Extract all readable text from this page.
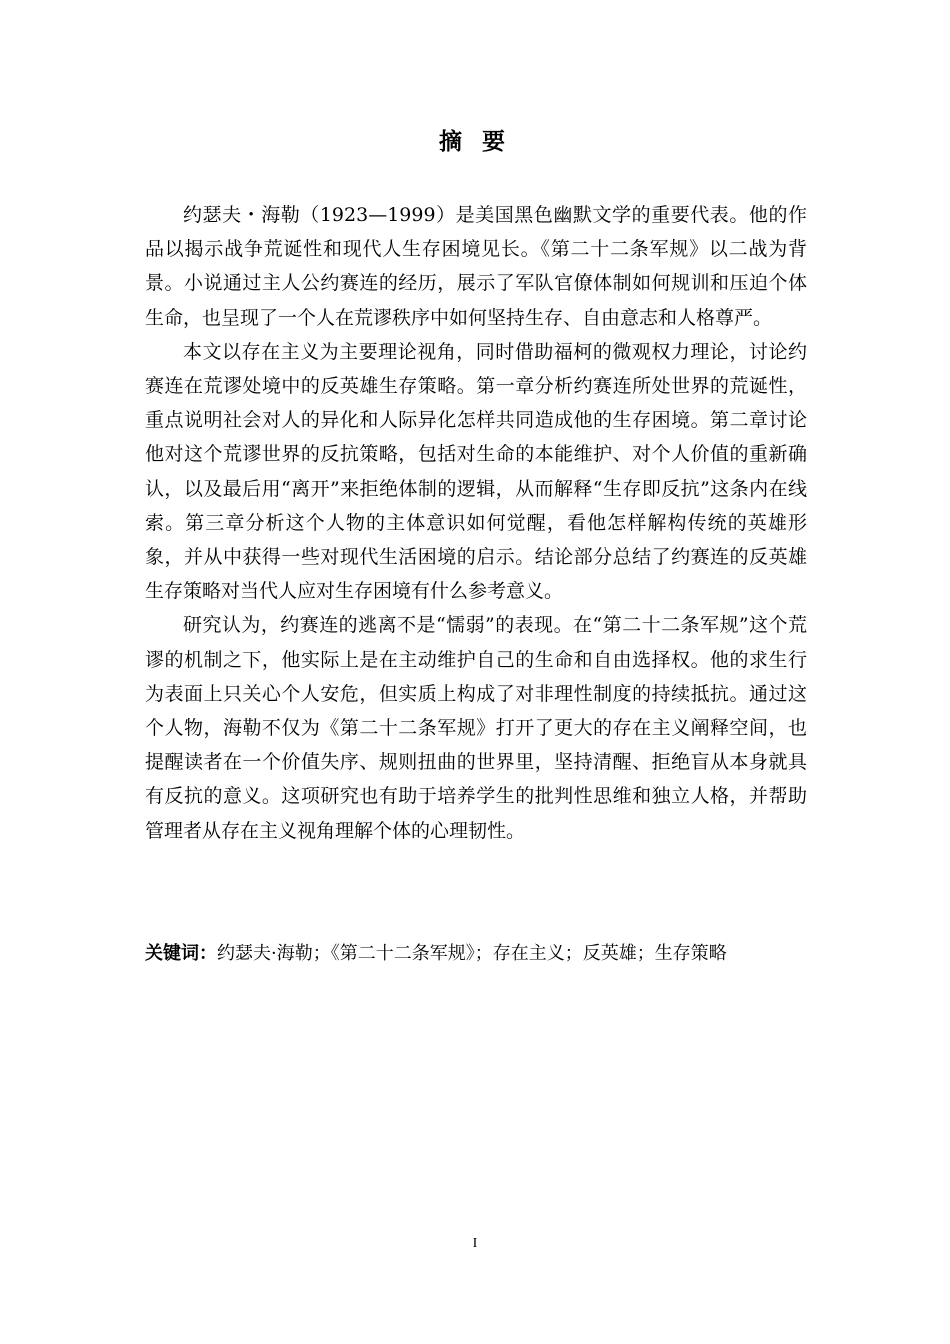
摘 要

约瑟夫・海勒（1923—1999）是美国黑色幽默文学的重要代表。他的作品以揭示战争荒诞性和现代人生存困境见长。《第二十二条军规》以二战为背景。小说通过主人公约赛连的经历，展示了军队官僚体制如何规训和压迫个体生命，也呈现了一个人在荒谬秩序中如何坚持生存、自由意志和人格尊严。

本文以存在主义为主要理论视角，同时借助福柯的微观权力理论，讨论约赛连在荒谬处境中的反英雄生存策略。第一章分析约赛连所处世界的荒诞性，重点说明社会对人的异化和人际异化怎样共同造成他的生存困境。第二章讨论他对这个荒谬世界的反抗策略，包括对生命的本能维护、对个人价值的重新确认，以及最后用“离开”来拒绝体制的逻辑，从而解释“生存即反抗”这条内在线索。第三章分析这个人物的主体意识如何觉醒，看他怎样解构传统的英雄形象，并从中获得一些对现代生活困境的启示。结论部分总结了约赛连的反英雄生存策略对当代人应对生存困境有什么参考意义。

研究认为，约赛连的逃离不是“懦弱”的表现。在“第二十二条军规”这个荒谬的机制之下，他实际上是在主动维护自己的生命和自由选择权。他的求生行为表面上只关心个人安危，但实质上构成了对非理性制度的持续抵抗。通过这个人物，海勒不仅为《第二十二条军规》打开了更大的存在主义阐释空间，也提醒读者在一个价值失序、规则扭曲的世界里，坚持清醒、拒绝盲从本身就具有反抗的意义。这项研究也有助于培养学生的批判性思维和独立人格，并帮助管理者从存在主义视角理解个体的心理韧性。

关键词：约瑟夫·海勒；《第二十二条军规》；存在主义；反英雄；生存策略
I
